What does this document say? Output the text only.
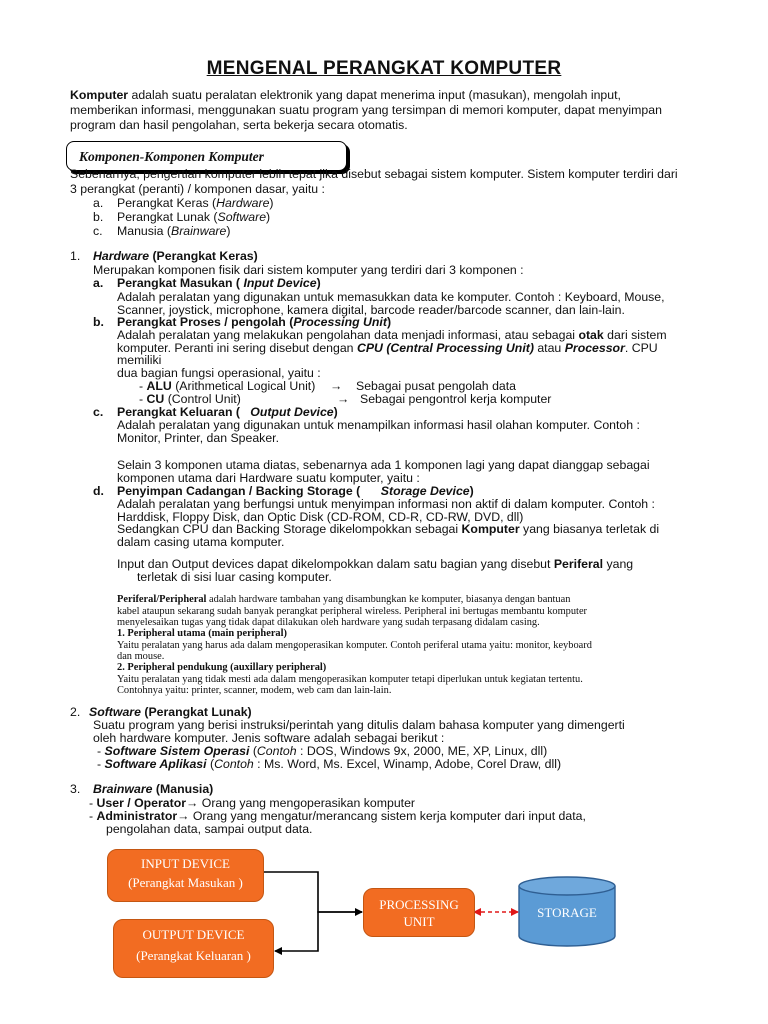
MENGENAL PERANGKAT KOMPUTER
Komputer adalah suatu peralatan elektronik yang dapat menerima input (masukan), mengolah input,
memberikan informasi, menggunakan suatu program yang tersimpan di memori komputer, dapat menyimpan
program dan hasil pengolahan, serta bekerja secara otomatis.
Komponen-Komponen Komputer
Sebenarnya, pengertian komputer lebih tepat jika disebut sebagai sistem komputer. Sistem komputer terdiri dari
3 perangkat (peranti) / komponen dasar, yaitu :
a. Perangkat Keras (Hardware)
b. Perangkat Lunak (Software)
c. Manusia (Brainware)
1. Hardware (Perangkat Keras)
Merupakan komponen fisik dari sistem komputer yang terdiri dari 3 komponen :
a. Perangkat Masukan ( Input Device)
Adalah peralatan yang digunakan untuk memasukkan data ke komputer. Contoh : Keyboard, Mouse,
Scanner, joystick, microphone, kamera digital, barcode reader/barcode scanner, dan lain-lain.
b. Perangkat Proses / pengolah (Processing Unit)
Adalah peralatan yang melakukan pengolahan data menjadi informasi, atau sebagai otak dari sistem
komputer. Peranti ini sering disebut dengan CPU (Central Processing Unit) atau Processor. CPU
memiliki
dua bagian fungsi operasional, yaitu :
- ALU (Arithmetical Logical Unit) → Sebagai pusat pengolah data
- CU (Control Unit)	→ Sebagai pengontrol kerja komputer
c. Perangkat Keluaran ( Output Device)
Adalah peralatan yang digunakan untuk menampilkan informasi hasil olahan komputer. Contoh :
Monitor, Printer, dan Speaker.
Selain 3 komponen utama diatas, sebenarnya ada 1 komponen lagi yang dapat dianggap sebagai
komponen utama dari Hardware suatu komputer, yaitu :
d. Penyimpan Cadangan / Backing Storage ( Storage Device)
Adalah peralatan yang berfungsi untuk menyimpan informasi non aktif di dalam komputer. Contoh :
Harddisk, Floppy Disk, dan Optic Disk (CD-ROM, CD-R, CD-RW, DVD, dll)
Sedangkan CPU dan Backing Storage dikelompokkan sebagai Komputer yang biasanya terletak di
dalam casing utama komputer.
Input dan Output devices dapat dikelompokkan dalam satu bagian yang disebut Periferal yang
terletak di sisi luar casing komputer.
Periferal/Peripheral adalah hardware tambahan yang disambungkan ke komputer, biasanya dengan bantuan
kabel ataupun sekarang sudah banyak perangkat peripheral wireless. Peripheral ini bertugas membantu komputer
menyelesaikan tugas yang tidak dapat dilakukan oleh hardware yang sudah terpasang didalam casing.
1. Peripheral utama (main peripheral)
Yaitu peralatan yang harus ada dalam mengoperasikan komputer. Contoh periferal utama yaitu: monitor, keyboard
dan mouse.
2. Peripheral pendukung (auxillary peripheral)
Yaitu peralatan yang tidak mesti ada dalam mengoperasikan komputer tetapi diperlukan untuk kegiatan tertentu.
Contohnya yaitu: printer, scanner, modem, web cam dan lain-lain.
2. Software (Perangkat Lunak)
Suatu program yang berisi instruksi/perintah yang ditulis dalam bahasa komputer yang dimengerti
oleh hardware komputer. Jenis software adalah sebagai berikut :
- Software Sistem Operasi (Contoh : DOS, Windows 9x, 2000, ME, XP, Linux, dll)
- Software Aplikasi (Contoh : Ms. Word, Ms. Excel, Winamp, Adobe, Corel Draw, dll)
3. Brainware (Manusia)
- User / Operator→ Orang yang mengoperasikan komputer
- Administrator→ Orang yang mengatur/merancang sistem kerja komputer dari input data,
pengolahan data, sampai output data.
INPUT DEVICE
(Perangkat Masukan )
OUTPUT DEVICE
(Perangkat Keluaran )
PROCESSING
UNIT
STORAGE
